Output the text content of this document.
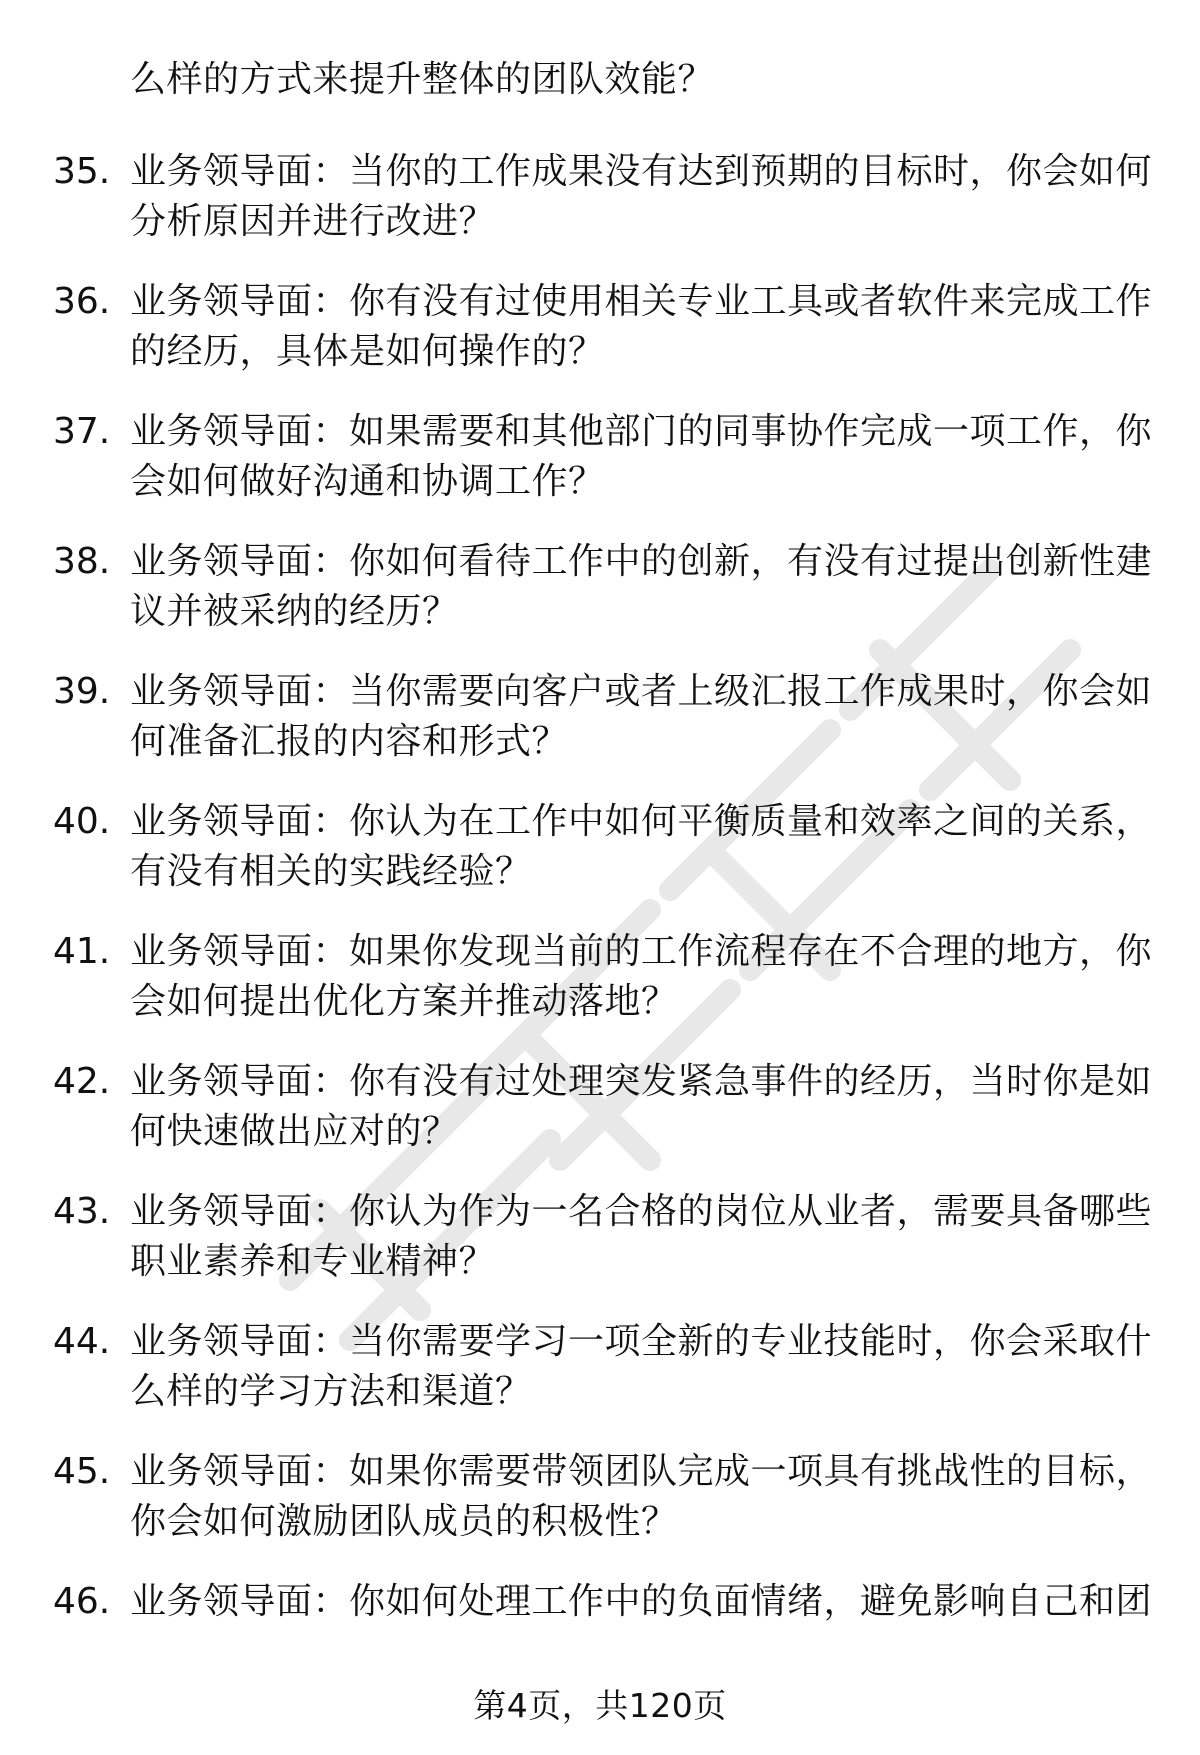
么样的方式来提升整体的团队效能？
35. 业务领导面：当你的工作成果没有达到预期的目标时，你会如何
分析原因并进行改进？
36. 业务领导面：你有没有过使用相关专业工具或者软件来完成工作
的经历，具体是如何操作的？
37. 业务领导面：如果需要和其他部门的同事协作完成一项工作，你
会如何做好沟通和协调工作？
38. 业务领导面：你如何看待工作中的创新，有没有过提出创新性建
议并被采纳的经历？
39. 业务领导面：当你需要向客户或者上级汇报工作成果时，你会如
何准备汇报的内容和形式？
40. 业务领导面：你认为在工作中如何平衡质量和效率之间的关系，
有没有相关的实践经验？
41. 业务领导面：如果你发现当前的工作流程存在不合理的地方，你
会如何提出优化方案并推动落地？
42. 业务领导面：你有没有过处理突发紧急事件的经历，当时你是如
何快速做出应对的？
43. 业务领导面：你认为作为一名合格的岗位从业者，需要具备哪些
职业素养和专业精神？
44. 业务领导面：当你需要学习一项全新的专业技能时，你会采取什
么样的学习方法和渠道？
45. 业务领导面：如果你需要带领团队完成一项具有挑战性的目标，
你会如何激励团队成员的积极性？
46. 业务领导面：你如何处理工作中的负面情绪，避免影响自己和团
第4页，共120页
